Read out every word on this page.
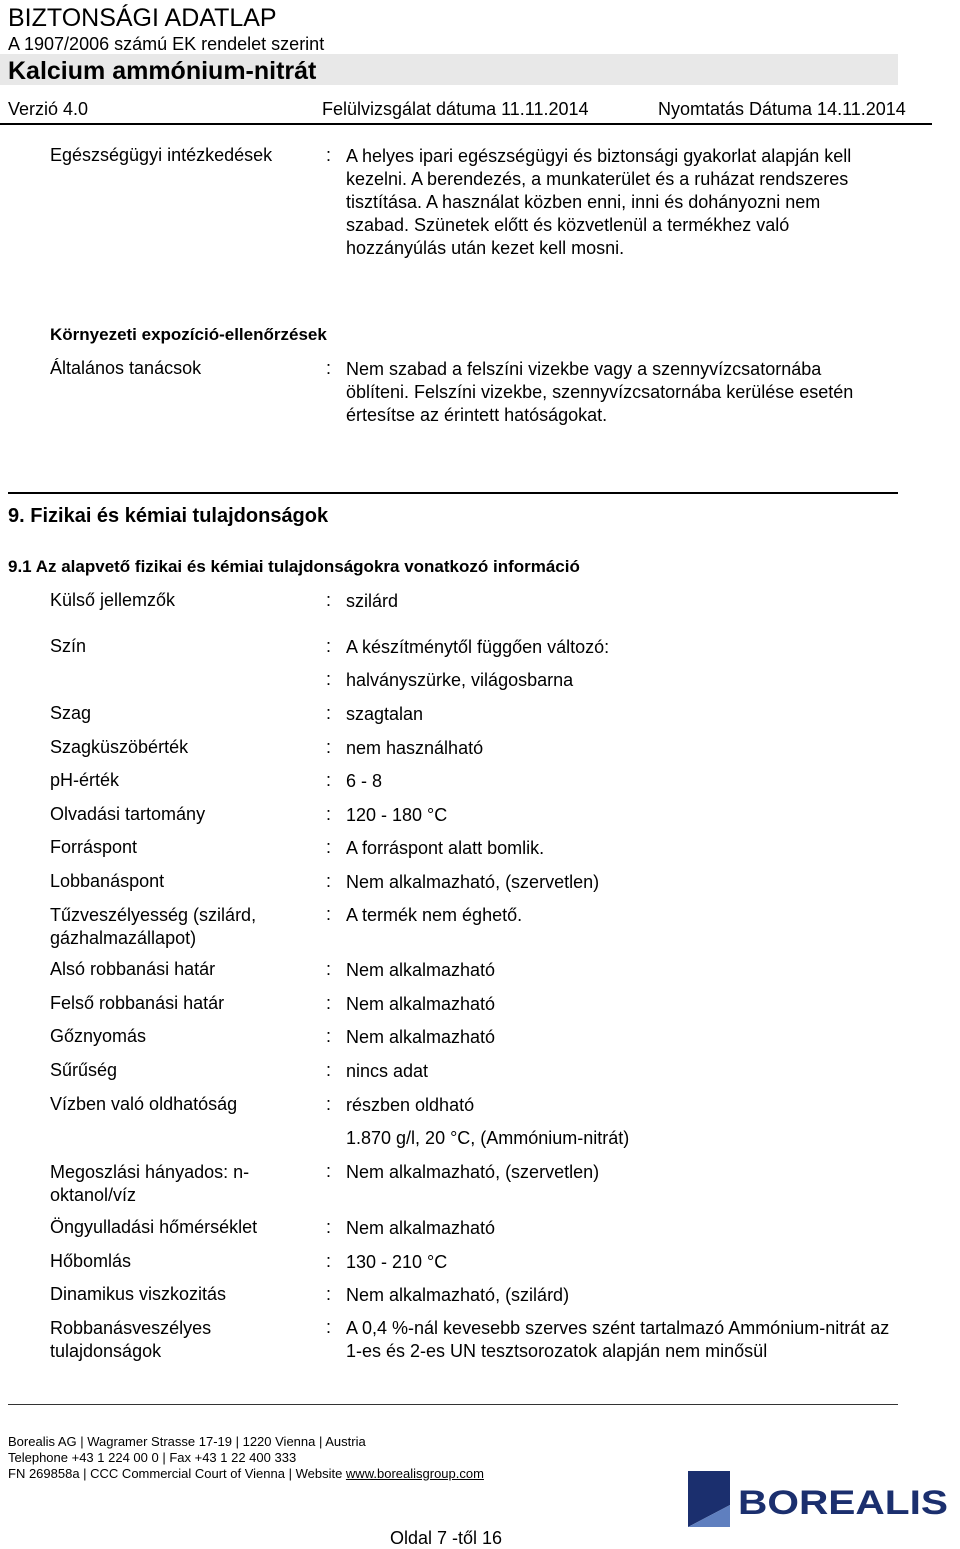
BIZTONSÁGI ADATLAP
A 1907/2006 számú EK rendelet szerint
Kalcium ammónium-nitrát
Verzió 4.0	Felülvizsgálat dátuma 11.11.2014	Nyomtatás Dátuma 14.11.2014
Egészségügyi intézkedések	: A helyes ipari egészségügyi és biztonsági gyakorlat alapján kell kezelni. A berendezés, a munkaterület és a ruházat rendszeres tisztítása. A használat közben enni, inni és dohányozni nem szabad. Szünetek előtt és közvetlenül a termékhez való hozzányúlás után kezet kell mosni.
Környezeti expozíció-ellenőrzések
Általános tanácsok	: Nem szabad a felszíni vizekbe vagy a szennyvízcsatornába öblíteni. Felszíni vizekbe, szennyvízcsatornába kerülése esetén értesítse az érintett hatóságokat.
9. Fizikai és kémiai tulajdonságok
9.1 Az alapvető fizikai és kémiai tulajdonságokra vonatkozó információ
Külső jellemzők	: szilárd
Szín	: A készítménytől függően változó:
: halványszürke, világosbarna
Szag	: szagtalan
Szagküszöbérték	: nem használható
pH-érték	: 6 - 8
Olvadási tartomány	: 120 - 180 °C
Forráspont	: A forráspont alatt bomlik.
Lobbanáspont	: Nem alkalmazható, (szervetlen)
Tűzveszélyesség (szilárd, gázhalmazállapot)
: A termék nem éghető.
Alsó robbanási határ	: Nem alkalmazható
Felső robbanási határ	: Nem alkalmazható
Gőznyomás	: Nem alkalmazható
Sűrűség	: nincs adat
Vízben való oldhatóság	: részben oldható
1.870 g/l, 20 °C, (Ammónium-nitrát)
Megoszlási hányados: n-oktanol/víz
: Nem alkalmazható, (szervetlen)
Öngyulladási hőmérséklet	: Nem alkalmazható
Hőbomlás	: 130 - 210 °C
Dinamikus viszkozitás	: Nem alkalmazható, (szilárd)
Robbanásveszélyes tulajdonságok
: A 0,4 %-nál kevesebb szerves szént tartalmazó Ammónium-nitrát az 1-es és 2-es UN tesztsorozatok alapján nem minősül
Borealis AG | Wagramer Strasse 17-19 | 1220 Vienna | Austria
Telephone +43 1 224 00 0 | Fax +43 1 22 400 333
FN 269858a | CCC Commercial Court of Vienna | Website www.borealisgroup.com
BOREALIS
Oldal 7 -től 16
